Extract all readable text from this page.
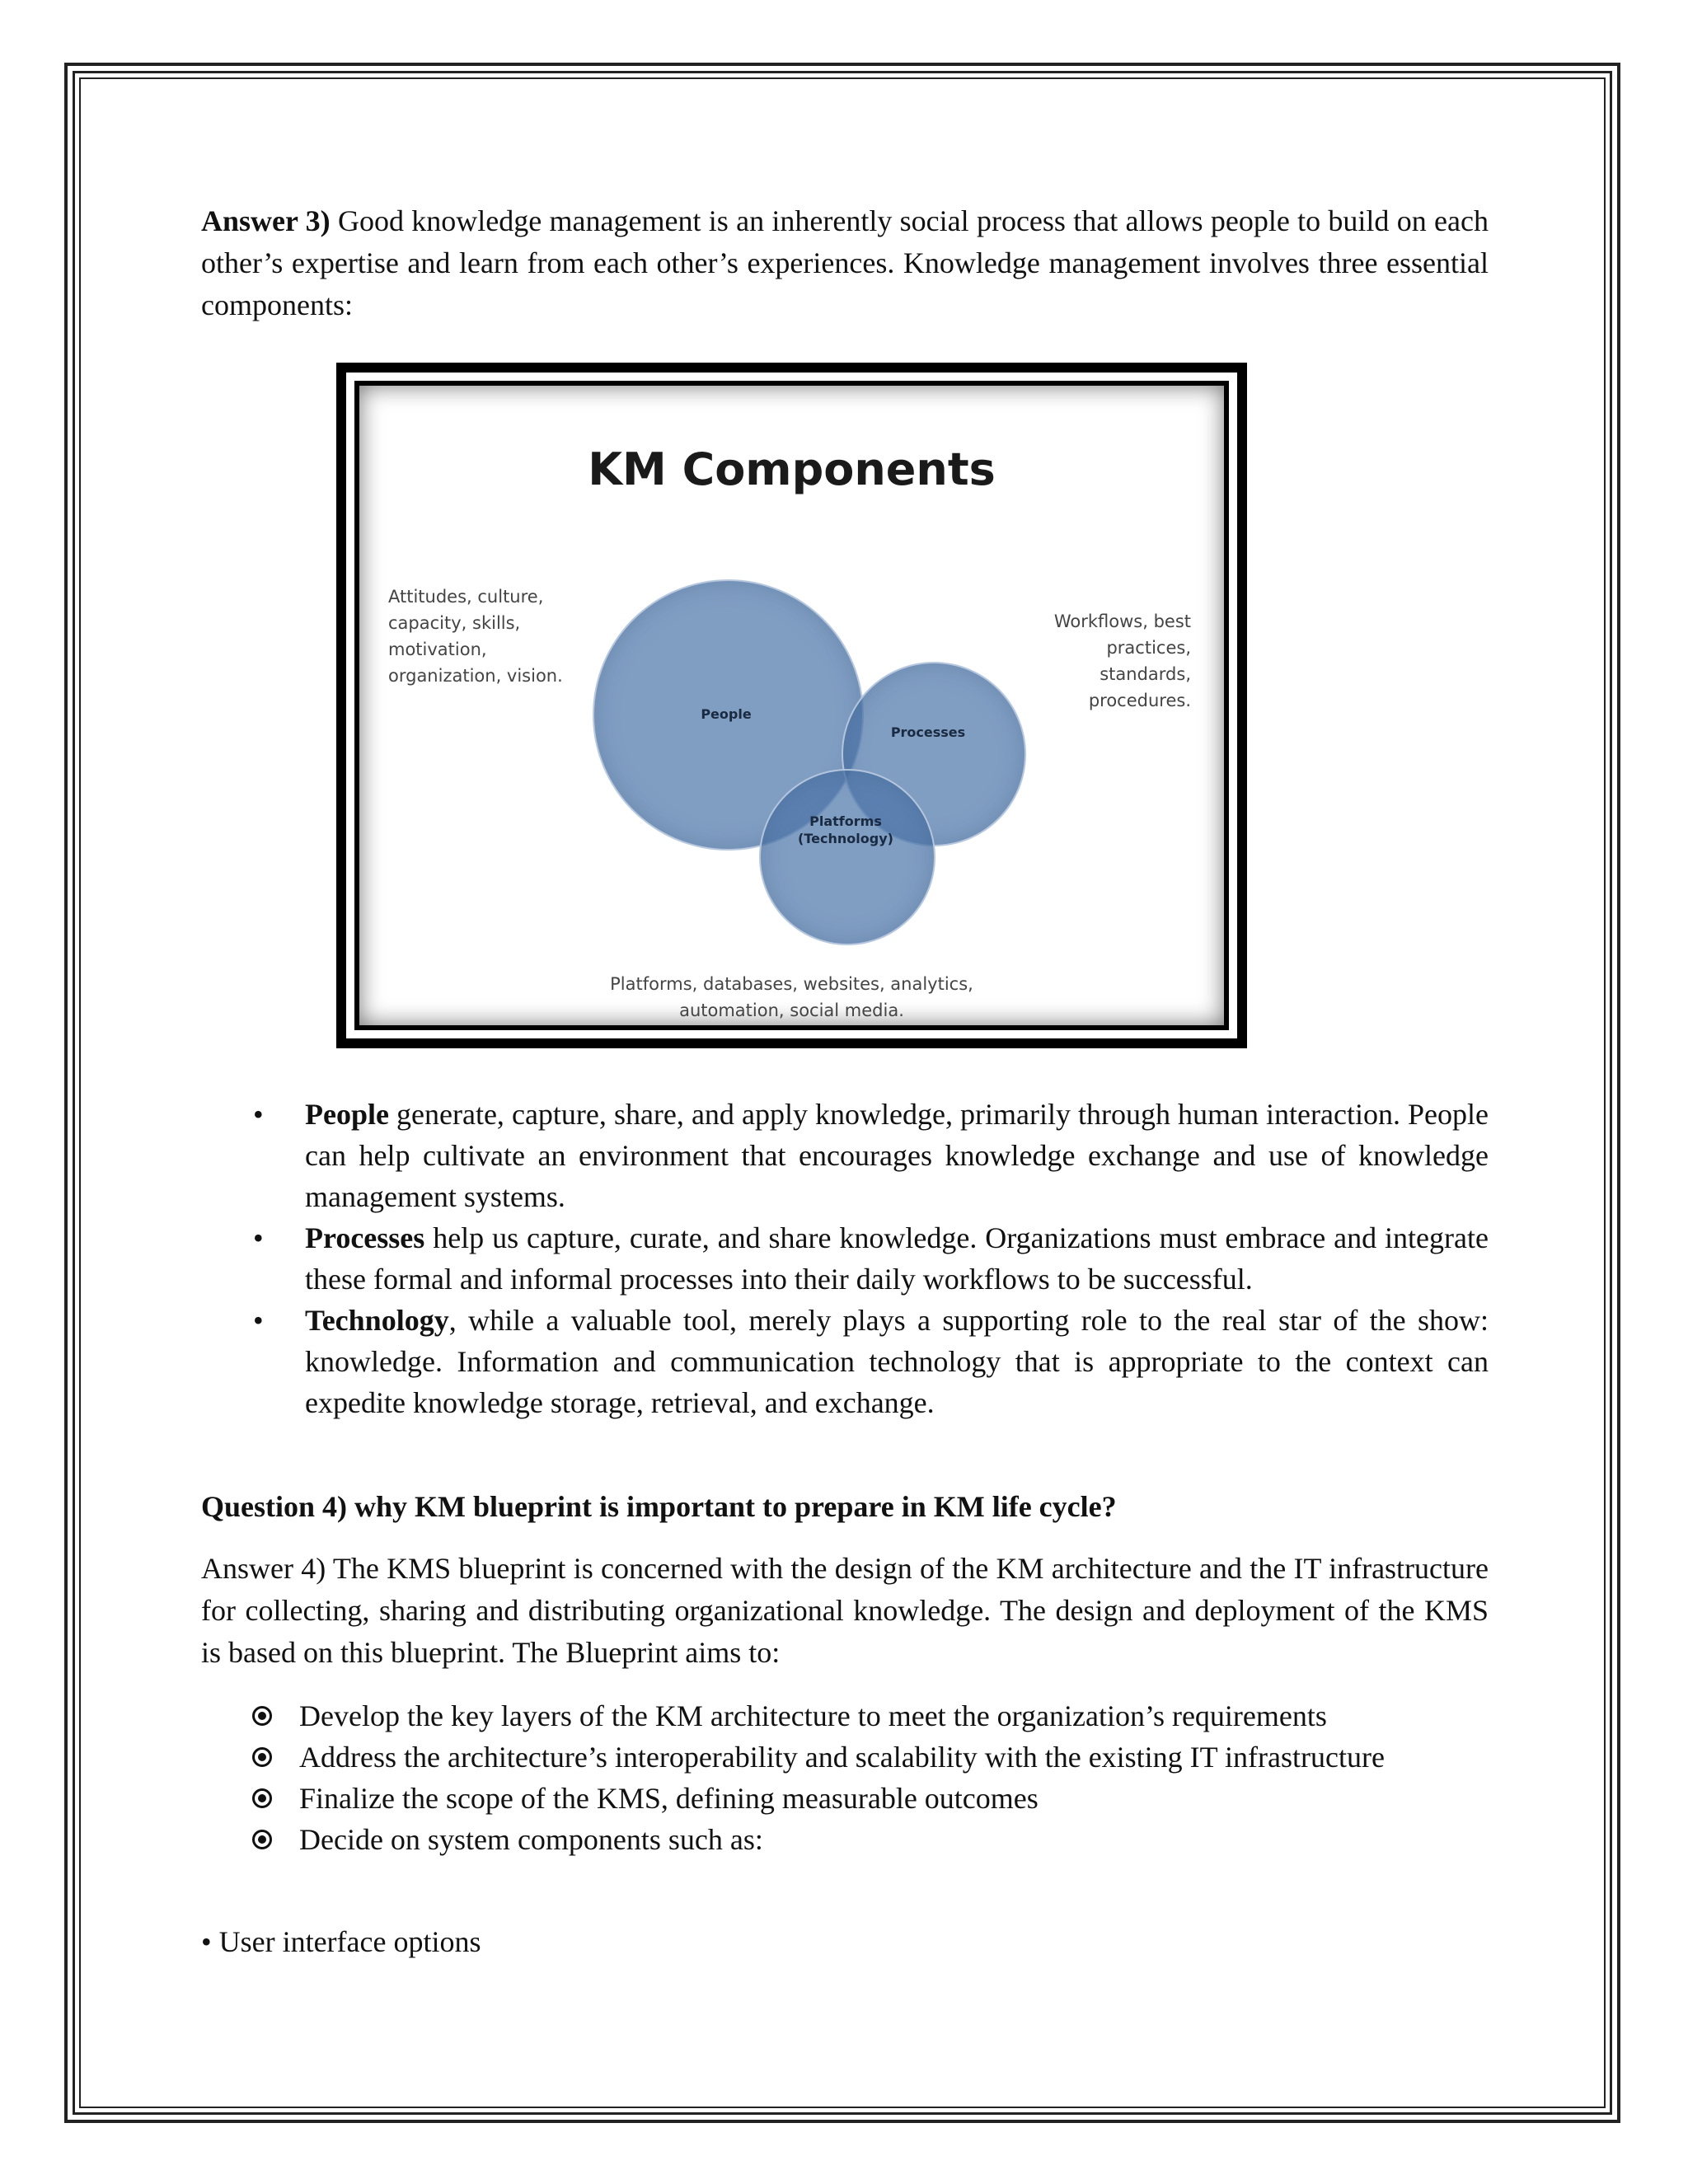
Answer 3) Good knowledge management is an inherently social process that allows people to build on each other’s expertise and learn from each other’s experiences. Knowledge management involves three essential components:

KM Components
Attitudes, culture,
capacity, skills,
motivation,
organization, vision.
Workflows, best
practices,
standards,
procedures.
People
Processes
Platforms
(Technology)
Platforms, databases, websites, analytics,
automation, social media.
• People generate, capture, share, and apply knowledge, primarily through human interaction. People can help cultivate an environment that encourages knowledge exchange and use of knowledge management systems.
• Processes help us capture, curate, and share knowledge. Organizations must embrace and integrate these formal and informal processes into their daily workflows to be successful.
• Technology, while a valuable tool, merely plays a supporting role to the real star of the show: knowledge. Information and communication technology that is appropriate to the context can expedite knowledge storage, retrieval, and exchange.

Question 4) why KM blueprint is important to prepare in KM life cycle?

Answer 4) The KMS blueprint is concerned with the design of the KM architecture and the IT infrastructure for collecting, sharing and distributing organizational knowledge. The design and deployment of the KMS is based on this blueprint. The Blueprint aims to:

Develop the key layers of the KM architecture to meet the organization’s requirements
Address the architecture’s interoperability and scalability with the existing IT infrastructure
Finalize the scope of the KMS, defining measurable outcomes
Decide on system components such as:

• User interface options
